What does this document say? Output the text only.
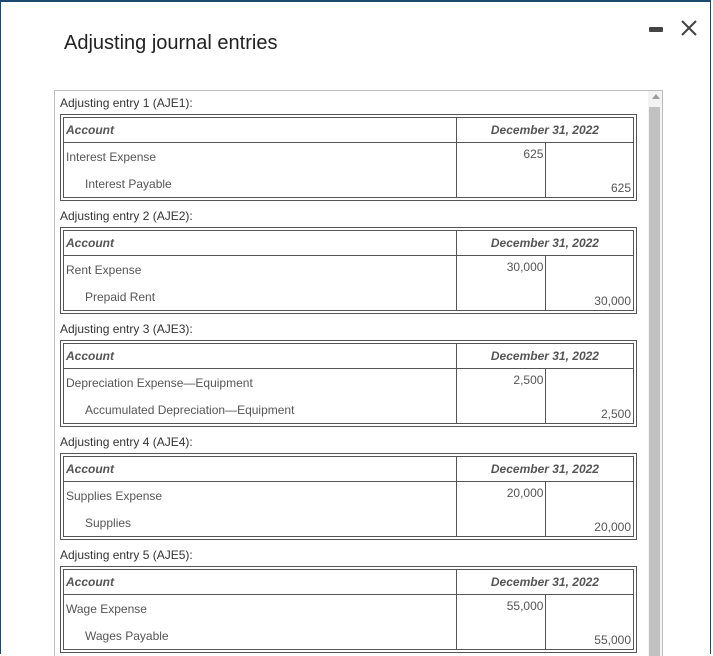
Adjusting journal entries
Adjusting entry 1 (AJE1):
Account	December 31, 2022	
Interest Expense	625	
Interest Payable		625
Adjusting entry 2 (AJE2):
Account	December 31, 2022	
Rent Expense	30,000	
Prepaid Rent		30,000
Adjusting entry 3 (AJE3):
Account	December 31, 2022	
Depreciation Expense—Equipment	2,500	
Accumulated Depreciation—Equipment		2,500
Adjusting entry 4 (AJE4):
Account	December 31, 2022	
Supplies Expense	20,000	
Supplies		20,000
Adjusting entry 5 (AJE5):
Account	December 31, 2022	
Wage Expense	55,000	
Wages Payable		55,000
